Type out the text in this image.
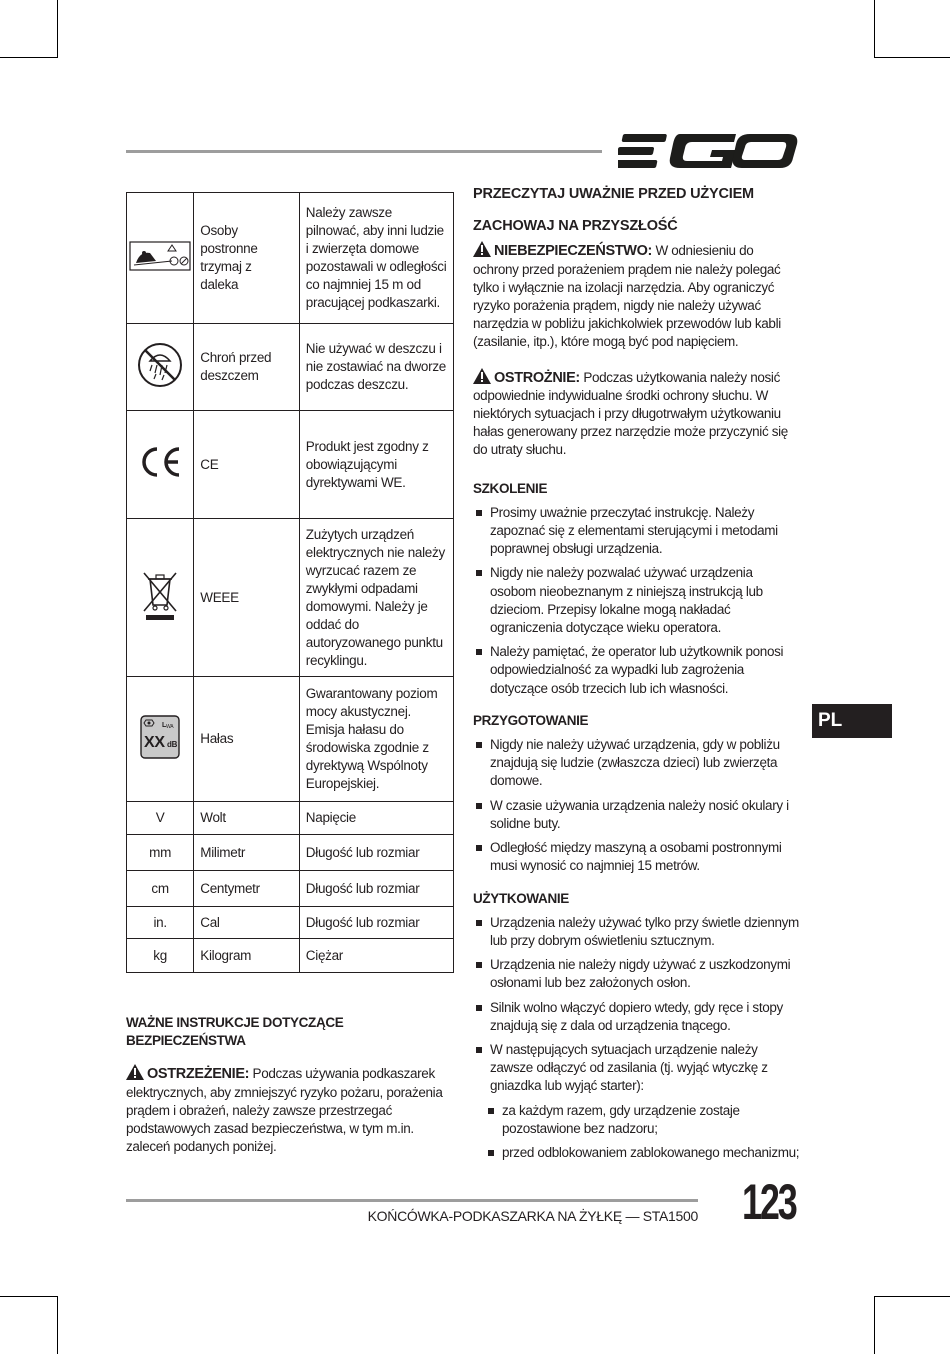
	Osoby postronne trzymaj z daleka	Należy zawsze pilnować, aby inni ludzie i zwierzęta domowe pozostawali w odległości co najmniej 15 m od pracującej podkaszarki.
	Chroń przed deszczem	Nie używać w deszczu i nie zostawiać na dworze podczas deszczu.
	CE	Produkt jest zgodny z obowiązującymi dyrektywami WE.
	WEEE	Zużytych urządzeń elektrycznych nie należy wyrzucać razem ze zwykłymi odpadami domowymi. Należy je oddać do autoryzowanego punktu recyklingu.

L WA
XX dB	Hałas	Gwarantowany poziom mocy akustycznej. Emisja hałasu do środowiska zgodnie z dyrektywą Wspólnoty Europejskiej.
V	Wolt	Napięcie
mm	Milimetr	Długość lub rozmiar
cm	Centymetr	Długość lub rozmiar
in.	Cal	Długość lub rozmiar
kg	Kilogram	Ciężar
WAŻNE INSTRUKCJE DOTYCZĄCE BEZPIECZEŃSTWA

OSTRZEŻENIE: Podczas używania podkaszarek elektrycznych, aby zmniejszyć ryzyko pożaru, porażenia prądem i obrażeń, należy zawsze przestrzegać podstawowych zasad bezpieczeństwa, w tym m.in. zaleceń podanych poniżej.

PRZECZYTAJ UWAŻNIE PRZED UŻYCIEM
ZACHOWAJ NA PRZYSZŁOŚĆ

NIEBEZPIECZEŃSTWO: W odniesieniu do ochrony przed porażeniem prądem nie należy polegać tylko i wyłącznie na izolacji narzędzia. Aby ograniczyć ryzyko porażenia prądem, nigdy nie należy używać narzędzia w pobliżu jakichkolwiek przewodów lub kabli (zasilanie, itp.), które mogą być pod napięciem.

OSTROŻNIE: Podczas użytkowania należy nosić odpowiednie indywidualne środki ochrony słuchu. W niektórych sytuacjach i przy długotrwałym użytkowaniu hałas generowany przez narzędzie może przyczynić się do utraty słuchu.

SZKOLENIE
Prosimy uważnie przeczytać instrukcję. Należy zapoznać się z elementami sterującymi i metodami poprawnej obsługi urządzenia.
Nigdy nie należy pozwalać używać urządzenia osobom nieobeznanym z niniejszą instrukcją lub dzieciom. Przepisy lokalne mogą nakładać ograniczenia dotyczące wieku operatora.
Należy pamiętać, że operator lub użytkownik ponosi odpowiedzialność za wypadki lub zagrożenia dotyczące osób trzecich lub ich własności.
PRZYGOTOWANIE
Nigdy nie należy używać urządzenia, gdy w pobliżu znajdują się ludzie (zwłaszcza dzieci) lub zwierzęta domowe.
W czasie używania urządzenia należy nosić okulary i solidne buty.
Odległość między maszyną a osobami postronnymi musi wynosić co najmniej 15 metrów.
UŻYTKOWANIE
Urządzenia należy używać tylko przy świetle dziennym lub przy dobrym oświetleniu sztucznym.
Urządzenia nie należy nigdy używać z uszkodzonymi osłonami lub bez założonych osłon.
Silnik wolno włączyć dopiero wtedy, gdy ręce i stopy znajdują się z dala od urządzenia tnącego.
W następujących sytuacjach urządzenie należy zawsze odłączyć od zasilania (tj. wyjąć wtyczkę z gniazdka lub wyjąć starter):
za każdym razem, gdy urządzenie zostaje pozostawione bez nadzoru;
przed odblokowaniem zablokowanego mechanizmu;
PL
KOŃCÓWKA-PODKASZARKA NA ŻYŁKĘ — STA1500 123
